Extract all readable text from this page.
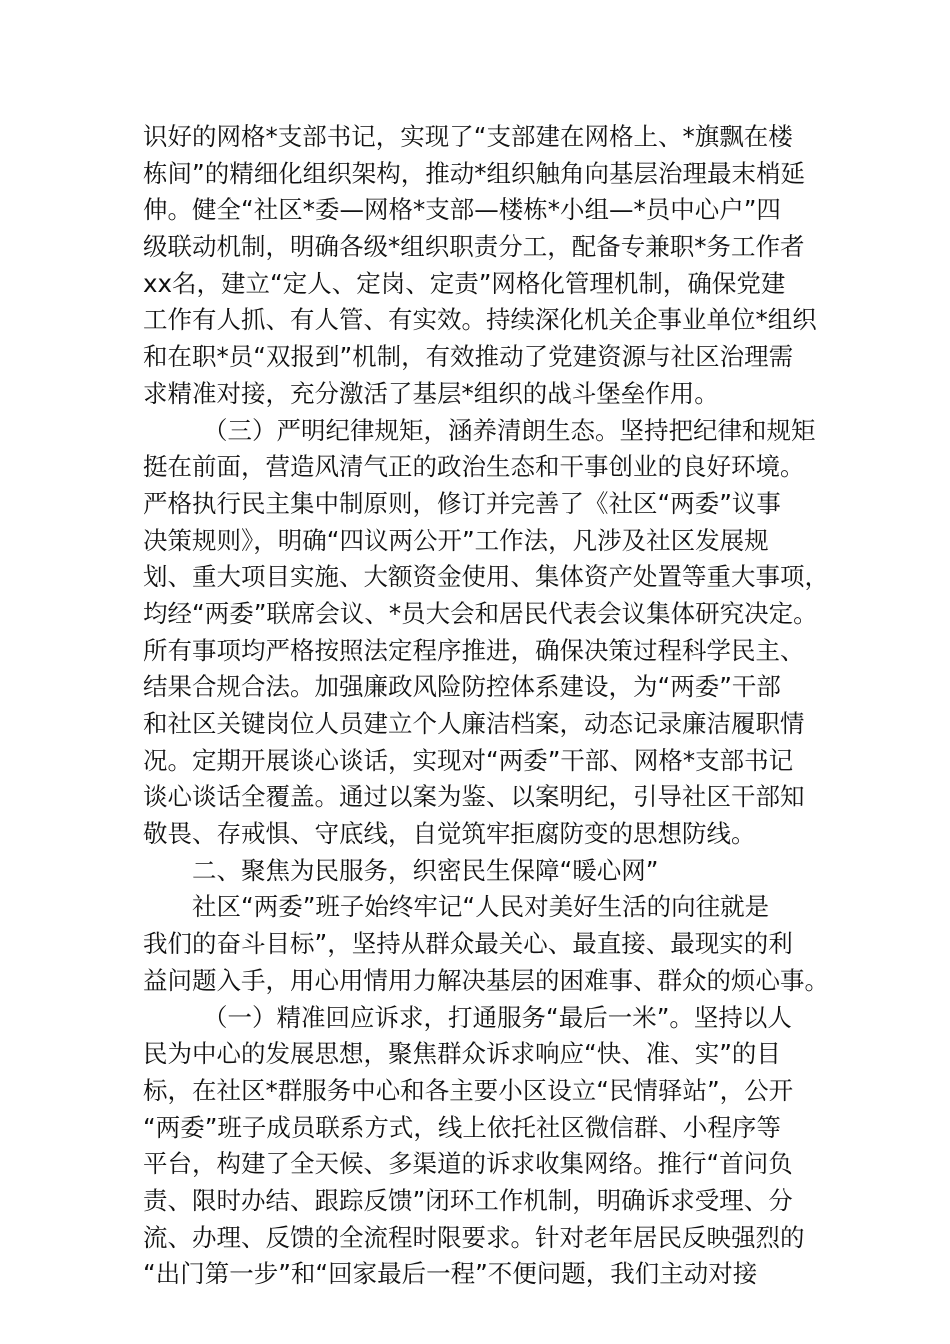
识好的网格*支部书记，实现了“支部建在网格上、*旗飘在楼
栋间”的精细化组织架构，推动*组织触角向基层治理最末梢延
伸。健全“社区*委—网格*支部—楼栋*小组—*员中心户”四
级联动机制，明确各级*组织职责分工，配备专兼职*务工作者
xx名，建立“定人、定岗、定责”网格化管理机制，确保党建
工作有人抓、有人管、有实效。持续深化机关企事业单位*组织
和在职*员“双报到”机制，有效推动了党建资源与社区治理需
求精准对接，充分激活了基层*组织的战斗堡垒作用。
（三）严明纪律规矩，涵养清朗生态。坚持把纪律和规矩
挺在前面，营造风清气正的政治生态和干事创业的良好环境。
严格执行民主集中制原则，修订并完善了《社区“两委”议事
决策规则》，明确“四议两公开”工作法，凡涉及社区发展规
划、重大项目实施、大额资金使用、集体资产处置等重大事项，
均经“两委”联席会议、*员大会和居民代表会议集体研究决定。
所有事项均严格按照法定程序推进，确保决策过程科学民主、
结果合规合法。加强廉政风险防控体系建设，为“两委”干部
和社区关键岗位人员建立个人廉洁档案，动态记录廉洁履职情
况。定期开展谈心谈话，实现对“两委”干部、网格*支部书记
谈心谈话全覆盖。通过以案为鉴、以案明纪，引导社区干部知
敬畏、存戒惧、守底线，自觉筑牢拒腐防变的思想防线。
二、聚焦为民服务，织密民生保障“暖心网”
社区“两委”班子始终牢记“人民对美好生活的向往就是
我们的奋斗目标”，坚持从群众最关心、最直接、最现实的利
益问题入手，用心用情用力解决基层的困难事、群众的烦心事。
（一）精准回应诉求，打通服务“最后一米”。坚持以人
民为中心的发展思想，聚焦群众诉求响应“快、准、实”的目
标，在社区*群服务中心和各主要小区设立“民情驿站”，公开
“两委”班子成员联系方式，线上依托社区微信群、小程序等
平台，构建了全天候、多渠道的诉求收集网络。推行“首问负
责、限时办结、跟踪反馈”闭环工作机制，明确诉求受理、分
流、办理、反馈的全流程时限要求。针对老年居民反映强烈的
“出门第一步”和“回家最后一程”不便问题，我们主动对接
